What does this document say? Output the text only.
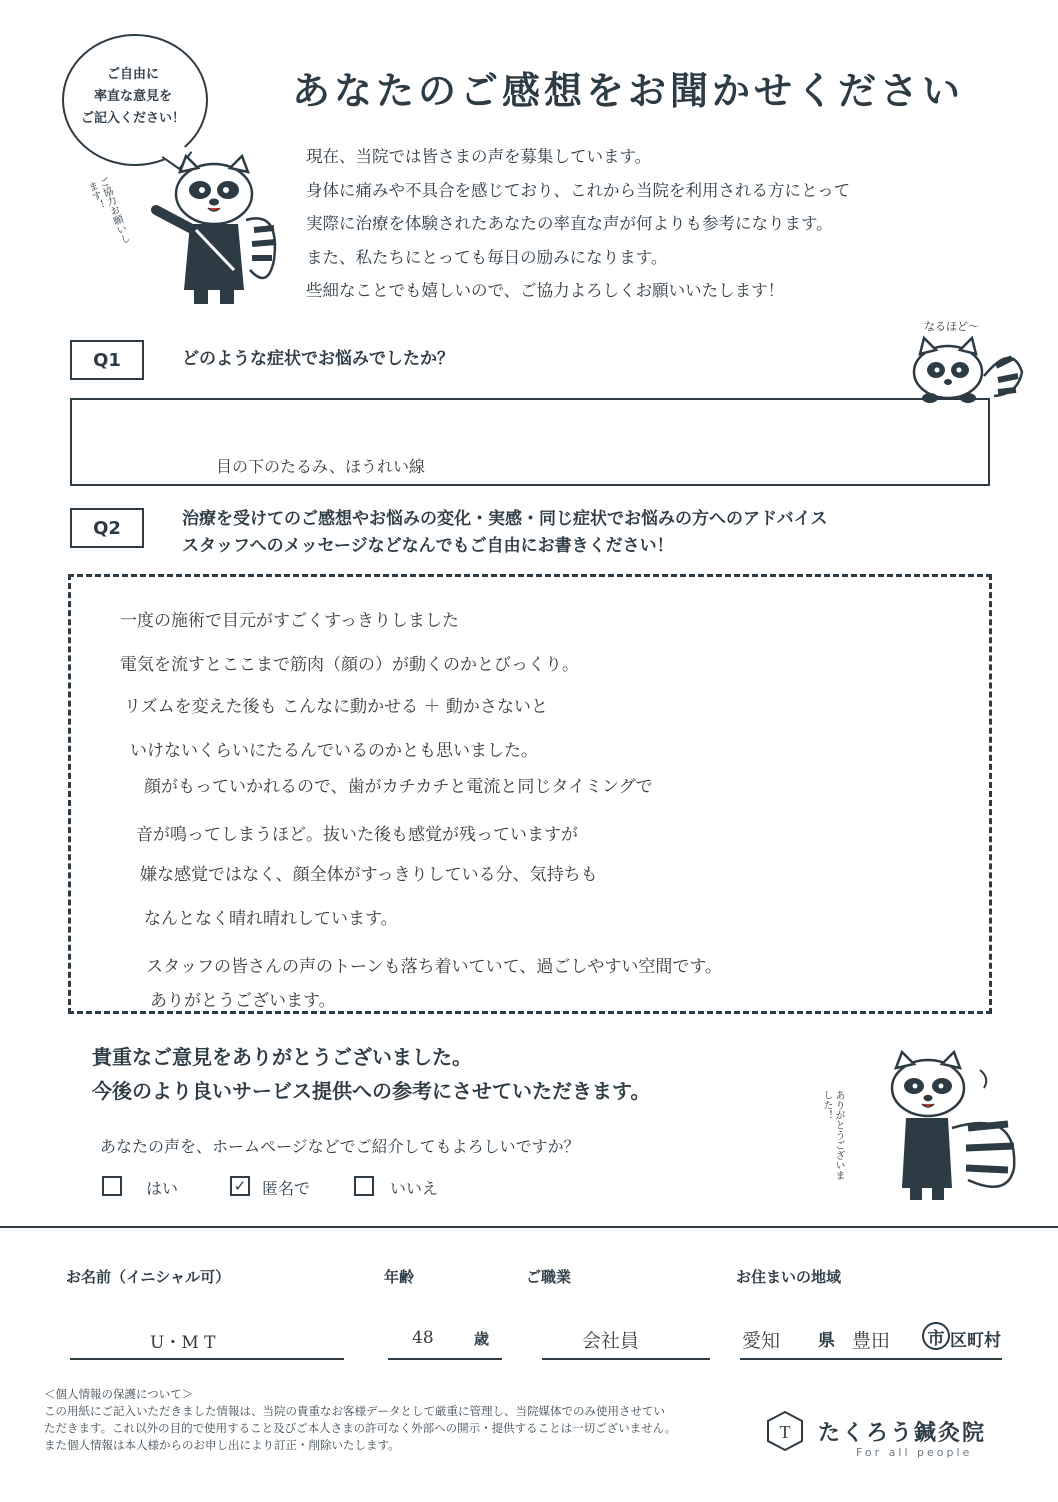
ご自由に
率直な意見を
ご記入ください！
ご協力お願いします！
あなたのご感想をお聞かせください
現在、当院では皆さまの声を募集しています。
身体に痛みや不具合を感じており、これから当院を利用される方にとって
実際に治療を体験されたあなたの率直な声が何よりも参考になります。
また、私たちにとっても毎日の励みになります。
些細なことでも嬉しいので、ご協力よろしくお願いいたします！
Q1	どのような症状でお悩みでしたか？
なるほど〜
目の下のたるみ、ほうれい線
Q2	治療を受けてのご感想やお悩みの変化・実感・同じ症状でお悩みの方へのアドバイス
スタッフへのメッセージなどなんでもご自由にお書きください！
一度の施術で目元がすごくすっきりしました
電気を流すとここまで筋肉（顔の）が動くのかとびっくり。
リズムを変えた後も こんなに動かせる ＋ 動かさないと
いけないくらいにたるんでいるのかとも思いました。
顔がもっていかれるので、歯がカチカチと電流と同じタイミングで
音が鳴ってしまうほど。抜いた後も感覚が残っていますが
嫌な感覚ではなく、顔全体がすっきりしている分、気持ちも
なんとなく晴れ晴れしています。
スタッフの皆さんの声のトーンも落ち着いていて、過ごしやすい空間です。
ありがとうございます。
貴重なご意見をありがとうございました。
今後のより良いサービス提供への参考にさせていただきます。	ありがとうございました！
あなたの声を、ホームページなどでご紹介してもよろしいですか？
はい	✓ 匿名で	いいえ
お名前（イニシャル可）
U・M T
年齢
48	歳
ご職業
会社員
お住まいの地域
愛知 県 豊田	市 区町村
＜個人情報の保護について＞
この用紙にご記入いただきました情報は、当院の貴重なお客様データとして厳重に管理し、当院媒体でのみ使用させてい
ただきます。これ以外の目的で使用すること及びご本人さまの許可なく外部への開示・提供することは一切ございません。
また個人情報は本人様からのお申し出により訂正・削除いたします。
T たくろう鍼灸院
For all people
